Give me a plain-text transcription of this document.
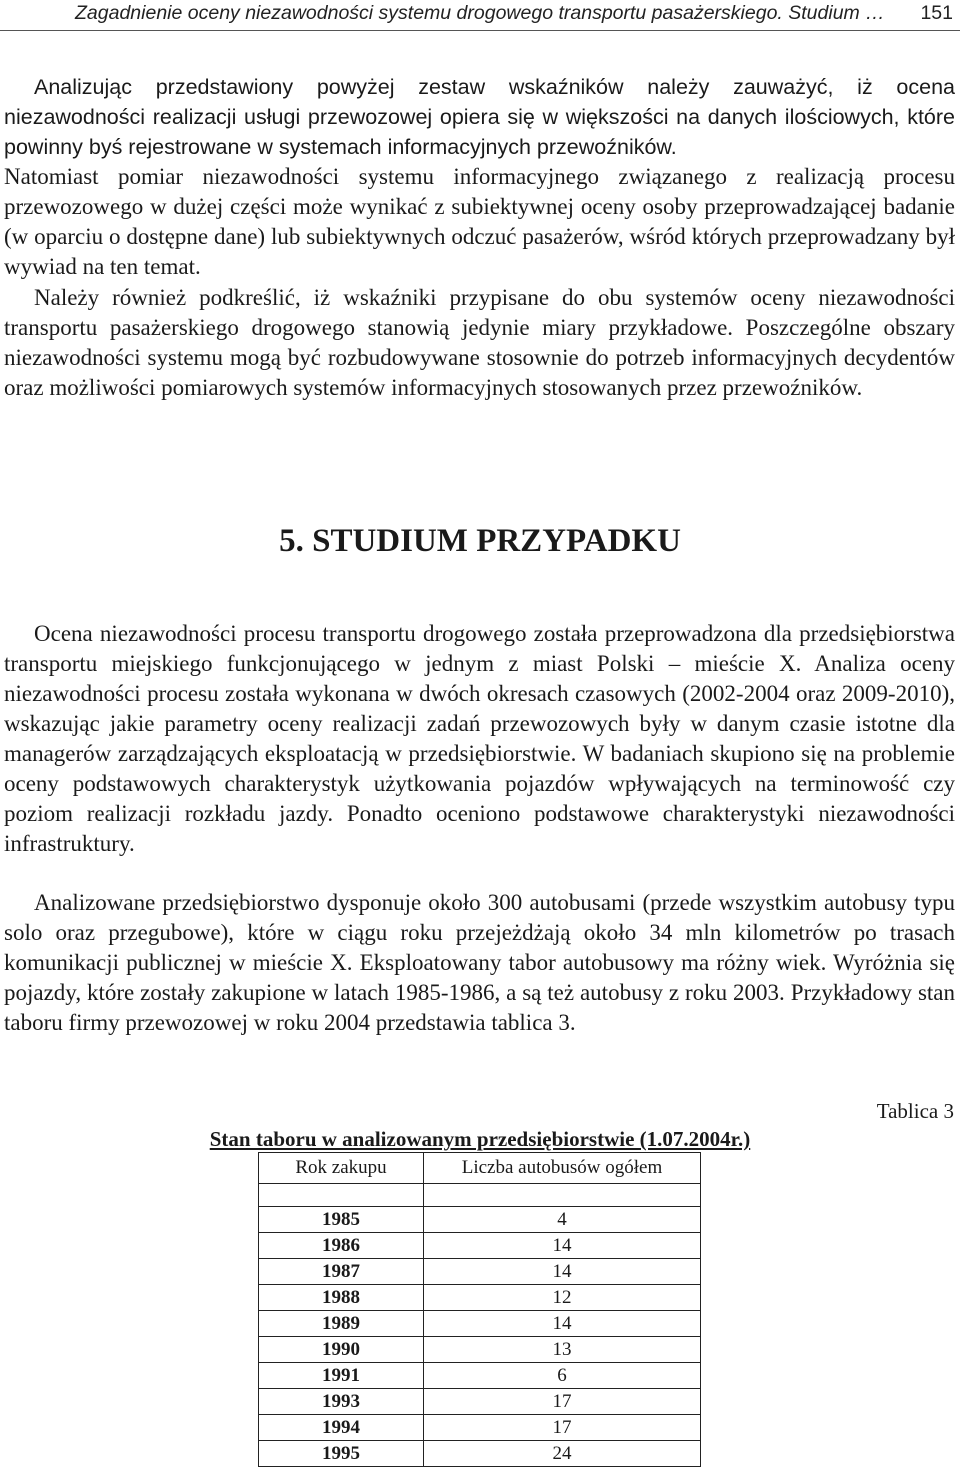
Zagadnienie oceny niezawodności systemu drogowego transportu pasażerskiego. Studium … 151

Analizując przedstawiony powyżej zestaw wskaźników należy zauważyć, iż ocena niezawodności realizacji usługi przewozowej opiera się w większości na danych ilościowych, które powinny byś rejestrowane w systemach informacyjnych przewoźników.

Natomiast pomiar niezawodności systemu informacyjnego związanego z realizacją procesu przewozowego w dużej części może wynikać z subiektywnej oceny osoby przeprowadzającej badanie (w oparciu o dostępne dane) lub subiektywnych odczuć pasażerów, wśród których przeprowadzany był wywiad na ten temat.

Należy również podkreślić, iż wskaźniki przypisane do obu systemów oceny niezawodności transportu pasażerskiego drogowego stanowią jedynie miary przykładowe. Poszczególne obszary niezawodności systemu mogą być rozbudowywane stosownie do potrzeb informacyjnych decydentów oraz możliwości pomiarowych systemów informacyjnych stosowanych przez przewoźników.

5. STUDIUM PRZYPADKU

Ocena niezawodności procesu transportu drogowego została przeprowadzona dla przedsiębiorstwa transportu miejskiego funkcjonującego w jednym z miast Polski – mieście X. Analiza oceny niezawodności procesu została wykonana w dwóch okresach czasowych (2002-2004 oraz 2009-2010), wskazując jakie parametry oceny realizacji zadań przewozowych były w danym czasie istotne dla managerów zarządzających eksploatacją w przedsiębiorstwie. W badaniach skupiono się na problemie oceny podstawowych charakterystyk użytkowania pojazdów wpływających na terminowość czy poziom realizacji rozkładu jazdy. Ponadto oceniono podstawowe charakterystyki niezawodności infrastruktury.

Analizowane przedsiębiorstwo dysponuje około 300 autobusami (przede wszystkim autobusy typu solo oraz przegubowe), które w ciągu roku przejeżdżają około 34 mln kilometrów po trasach komunikacji publicznej w mieście X. Eksploatowany tabor autobusowy ma różny wiek. Wyróżnia się pojazdy, które zostały zakupione w latach 1985-1986, a są też autobusy z roku 2003. Przykładowy stan taboru firmy przewozowej w roku 2004 przedstawia tablica 3.

Tablica 3

Stan taboru w analizowanym przedsiębiorstwie (1.07.2004r.)

Rok zakupu	Liczba autobusów ogółem

1985	4
1986	14
1987	14
1988	12
1989	14
1990	13
1991	6
1993	17
1994	17
1995	24
